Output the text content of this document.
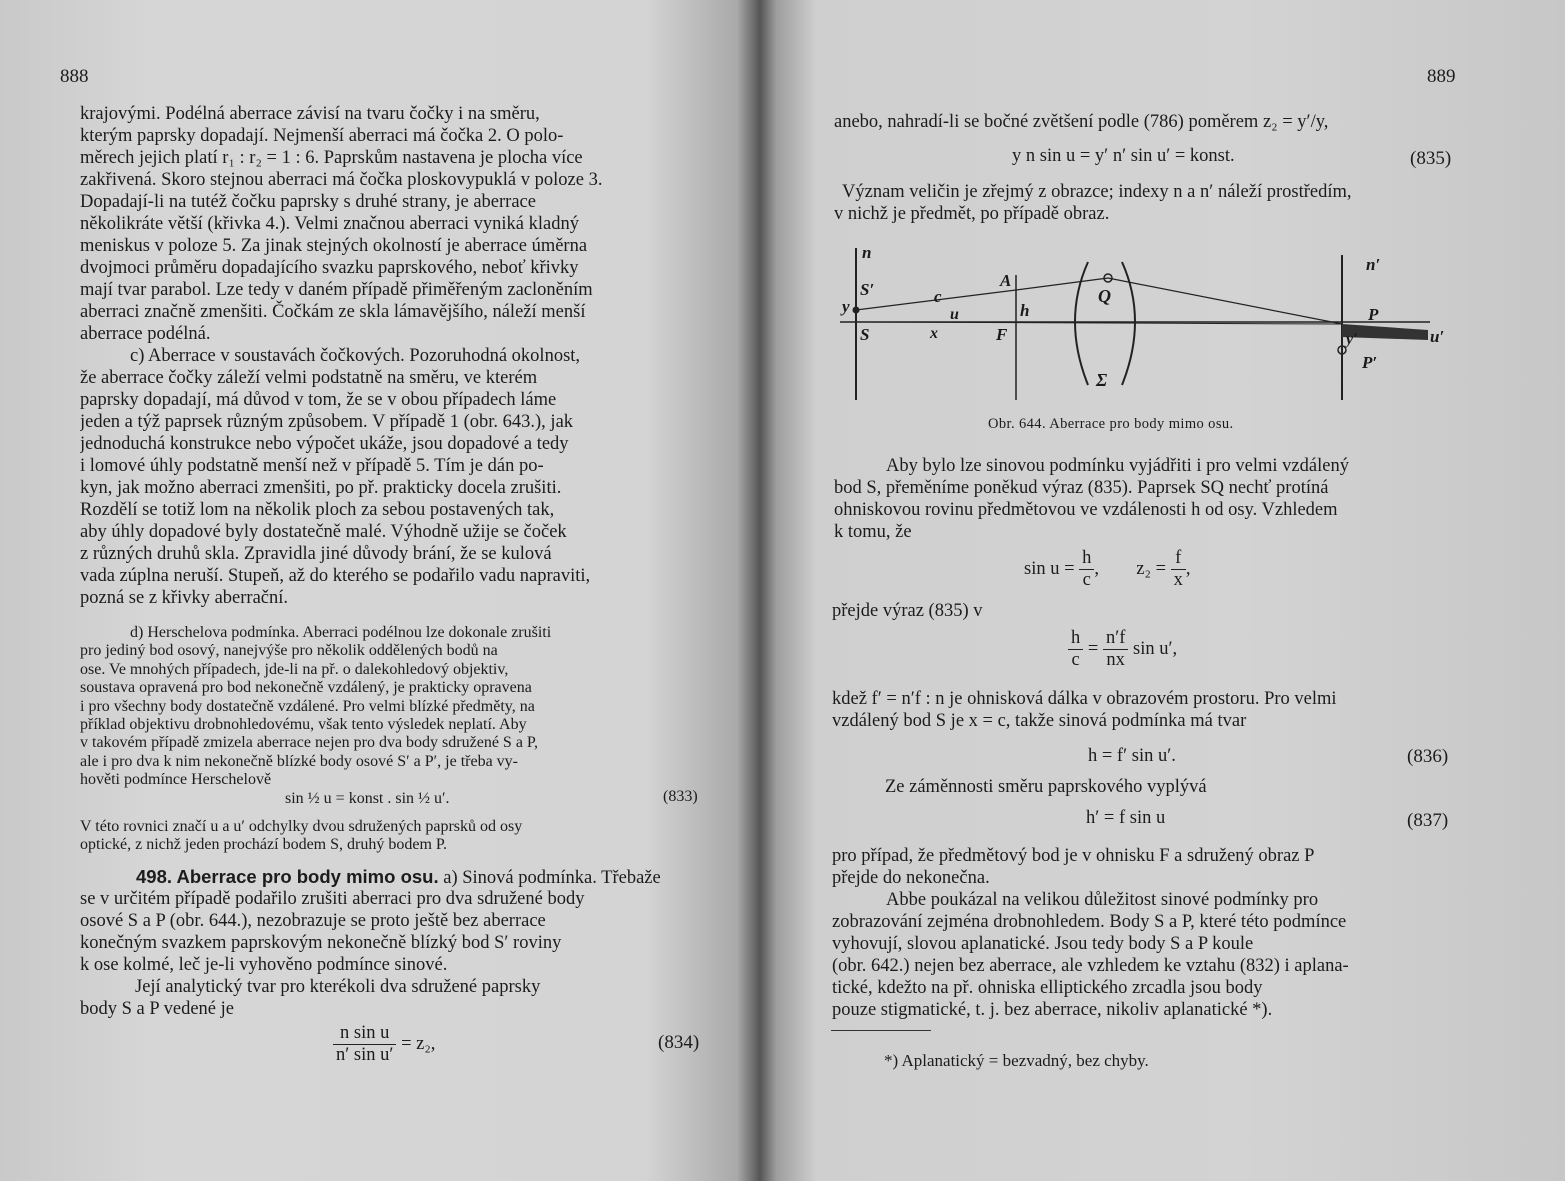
888
krajovými. Podélná aberrace závisí na tvaru čočky i na směru,
kterým paprsky dopadají. Nejmenší aberraci má čočka 2. O polo-
měrech jejich platí r₁ : r₂ = 1 : 6. Paprskům nastavena je plocha více
zakřivená. Skoro stejnou aberraci má čočka ploskovypuklá v poloze 3.
Dopadají-li na tutéž čočku paprsky s druhé strany, je aberrace
několikráte větší (křivka 4.). Velmi značnou aberraci vyniká kladný
meniskus v poloze 5. Za jinak stejných okolností je aberrace úměrna
dvojmoci průměru dopadajícího svazku paprskového, neboť křivky
mají tvar parabol. Lze tedy v daném případě přiměřeným zacloněním
aberraci značně zmenšiti. Čočkám ze skla lámavějšího, náleží menší
aberrace podélná.
c) Aberrace v soustavách čočkových. Pozoruhodná okolnost,
že aberrace čočky záleží velmi podstatně na směru, ve kterém
paprsky dopadají, má důvod v tom, že se v obou případech láme
jeden a týž paprsek různým způsobem. V případě 1 (obr. 643.), jak
jednoduchá konstrukce nebo výpočet ukáže, jsou dopadové a tedy
i lomové úhly podstatně menší než v případě 5. Tím je dán po-
kyn, jak možno aberraci zmenšiti, po př. prakticky docela zrušiti.
Rozdělí se totiž lom na několik ploch za sebou postavených tak,
aby úhly dopadové byly dostatečně malé. Výhodně užije se čoček
z různých druhů skla. Zpravidla jiné důvody brání, že se kulová
vada zúplna neruší. Stupeň, až do kterého se podařilo vadu napraviti,
pozná se z křivky aberrační.
d) Herschelova podmínka. Aberraci podélnou lze dokonale zrušiti
pro jediný bod osový, nanejvýše pro několik oddělených bodů na
ose. Ve mnohých případech, jde-li na př. o dalekohledový objektiv,
soustava opravená pro bod nekonečně vzdálený, je prakticky opravena
i pro všechny body dostatečně vzdálené. Pro velmi blízké předměty, na
příklad objektivu drobnohledovému, však tento výsledek neplatí. Aby
v takovém případě zmizela aberrace nejen pro dva body sdružené S a P,
ale i pro dva k nim nekonečně blízké body osové S′ a P′, je třeba vy-
hověti podmínce Herschelově
sin ½ u = konst . sin ½ u′.	(833)
V této rovnici značí u a u′ odchylky dvou sdružených paprsků od osy
optické, z nichž jeden prochází bodem S, druhý bodem P.
498. Aberrace pro body mimo osu. a) Sinová podmínka. Třebaže
se v určitém případě podařilo zrušiti aberraci pro dva sdružené body
osové S a P (obr. 644.), nezobrazuje se proto ještě bez aberrace
konečným svazkem paprskovým nekonečně blízký bod S′ roviny
k ose kolmé, leč je-li vyhověno podmínce sinové.
Její analytický tvar pro kterékoli dva sdružené paprsky
body S a P vedené je
$\frac{\text{n sin u}}{\text{n′ sin u′}} = z_2$,	(834)
889
anebo, nahradí-li se bočné zvětšení podle (786) poměrem z₂ = y′/y,
y n sin u = y′ n′ sin u′ = konst.	(835)
Význam veličin je zřejmý z obrazce; indexy n a n′ náleží prostředím,
v nichž je předmět, po případě obraz.
n
S′
y
c
A
u
S	x	F
h
Q
Σ
n′
P
y′	u′
P′
Obr. 644. Aberrace pro body mimo osu.
Aby bylo lze sinovou podmínku vyjádřiti i pro velmi vzdálený
bod S, přeměníme poněkud výraz (835). Paprsek SQ nechť protíná
ohniskovou rovinu předmětovou ve vzdálenosti h od osy. Vzhledem
k tomu, že
$\sin u = \frac{h}{c}$ , $z_2 = \frac{f}{x}$ ,
přejde výraz (835) v
$\frac{h}{c} = \frac{n'f}{nx}$ sin u′,
kdež f′ = n′f : n je ohnisková dálka v obrazovém prostoru. Pro velmi
vzdálený bod S je x = c, takže sinová podmínka má tvar
h = f′ sin u′.	(836)
Ze záměnnosti směru paprskového vyplývá
h′ = f sin u	(837)
pro případ, že předmětový bod je v ohnisku F a sdružený obraz P
přejde do nekonečna.
Abbe poukázal na velikou důležitost sinové podmínky pro
zobrazování zejména drobnohledem. Body S a P, které této podmínce
vyhovují, slovou aplanatické. Jsou tedy body S a P koule
(obr. 642.) nejen bez aberrace, ale vzhledem ke vztahu (832) i aplana-
tické, kdežto na př. ohniska elliptického zrcadla jsou body
pouze stigmatické, t. j. bez aberrace, nikoliv aplanatické *).
*) Aplanatický = bezvadný, bez chyby.
